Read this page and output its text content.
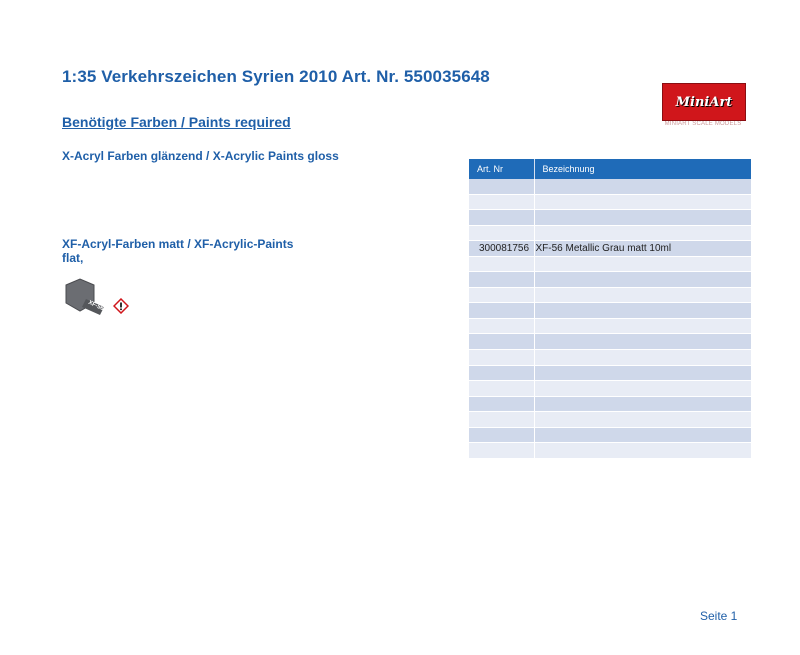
1:35 Verkehrszeichen Syrien 2010 Art. Nr. 550035648
MiniArt
MINIART SCALE MODELS
Benötigte Farben / Paints required
X-Acryl Farben glänzend / X-Acrylic Paints gloss
XF-Acryl-Farben matt / XF-Acrylic-Paints flat,
XF-56
Art. Nr	Bezeichnung

300081756	XF-56 Metallic Grau matt 10ml

Seite 1
